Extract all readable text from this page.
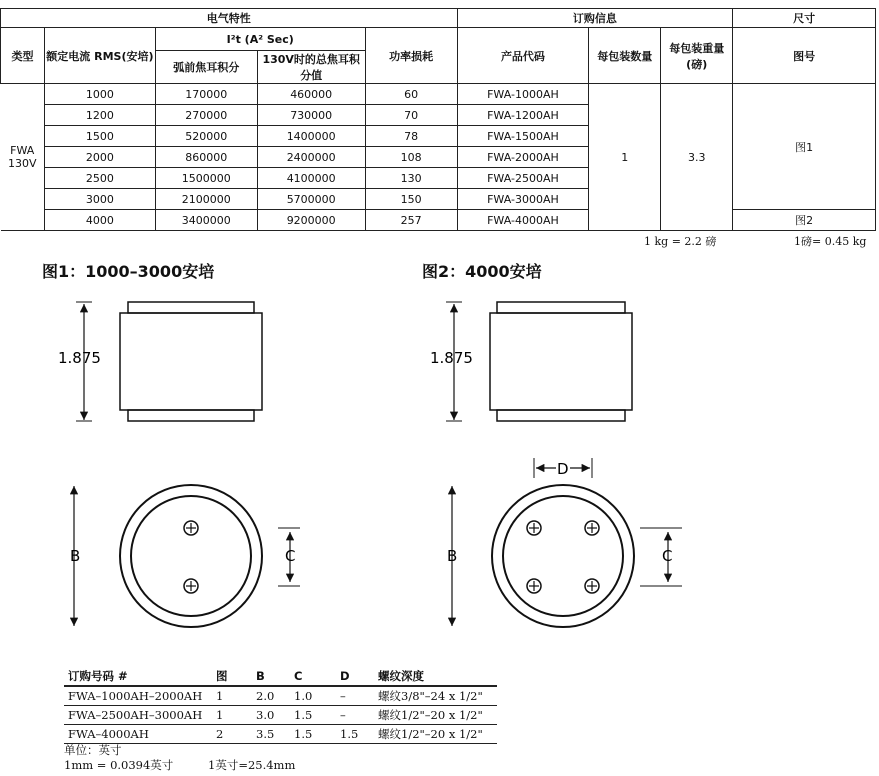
电气特性					订购信息			尺寸
类型	额定电流 RMS(安培)	I²t (A² Sec)		功率损耗	产品代码	每包装数量	每包装重量(磅)	图号
		弧前焦耳积分	130V时的总焦耳积分值					
FWA 130V	1000	170000	460000	60	FWA-1000AH	1	3.3	图1
	1200	270000	730000	70	FWA-1200AH			
	1500	520000	1400000	78	FWA-1500AH			
	2000	860000	2400000	108	FWA-2000AH			
	2500	1500000	4100000	130	FWA-2500AH			
	3000	2100000	5700000	150	FWA-3000AH			
	4000	3400000	9200000	257	FWA-4000AH			图2
1 kg = 2.2 磅	1磅= 0.45 kg
图1：1000–3000安培	图2：4000安培
1.875
B	C
1.875
D
B	C
订购号码 #	图	B	C	D	螺纹深度
FWA–1000AH–2000AH	1	2.0	1.0	–	螺纹3/8"–24 x 1/2"
FWA–2500AH–3000AH	1	3.0	1.5	–	螺纹1/2"–20 x 1/2"
FWA–4000AH	2	3.5	1.5	1.5	螺纹1/2"–20 x 1/2"
单位：英寸
1mm = 0.0394英寸	1英寸=25.4mm
